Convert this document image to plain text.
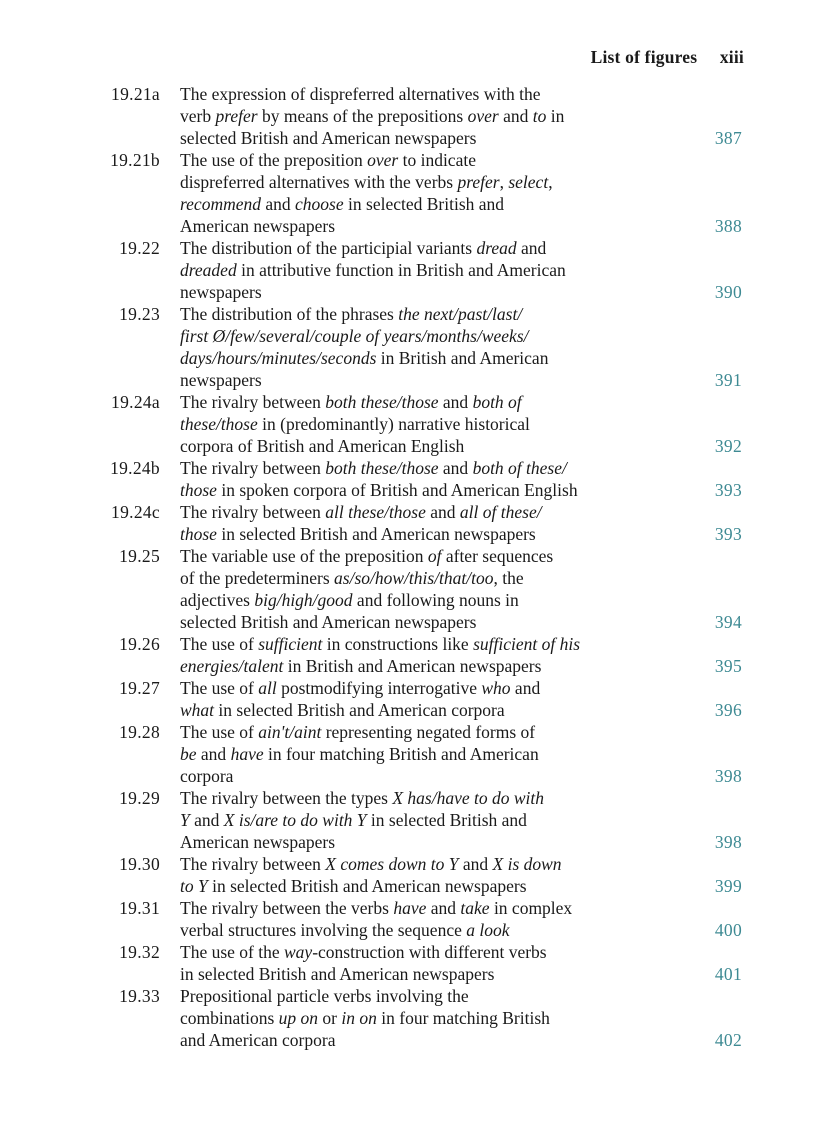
List of figures xiii
19.21a The expression of dispreferred alternatives with the
verb prefer by means of the prepositions over and to in
selected British and American newspapers	387
19.21b The use of the preposition over to indicate
dispreferred alternatives with the verbs prefer, select,
recommend and choose in selected British and
American newspapers	388
19.22 The distribution of the participial variants dread and
dreaded in attributive function in British and American
newspapers	390
19.23 The distribution of the phrases the next/past/last/
first Ø/few/several/couple of years/months/weeks/
days/hours/minutes/seconds in British and American
newspapers	391
19.24a The rivalry between both these/those and both of
these/those in (predominantly) narrative historical
corpora of British and American English	392
19.24b The rivalry between both these/those and both of these/
those in spoken corpora of British and American English	393
19.24c The rivalry between all these/those and all of these/
those in selected British and American newspapers	393
19.25 The variable use of the preposition of after sequences
of the predeterminers as/so/how/this/that/too, the
adjectives big/high/good and following nouns in
selected British and American newspapers	394
19.26 The use of sufficient in constructions like sufficient of his
energies/talent in British and American newspapers	395
19.27 The use of all postmodifying interrogative who and
what in selected British and American corpora	396
19.28 The use of ain't/aint representing negated forms of
be and have in four matching British and American
corpora	398
19.29 The rivalry between the types X has/have to do with
Y and X is/are to do with Y in selected British and
American newspapers	398
19.30 The rivalry between X comes down to Y and X is down
to Y in selected British and American newspapers	399
19.31 The rivalry between the verbs have and take in complex
verbal structures involving the sequence a look	400
19.32 The use of the way-construction with different verbs
in selected British and American newspapers	401
19.33 Prepositional particle verbs involving the
combinations up on or in on in four matching British
and American corpora	402
